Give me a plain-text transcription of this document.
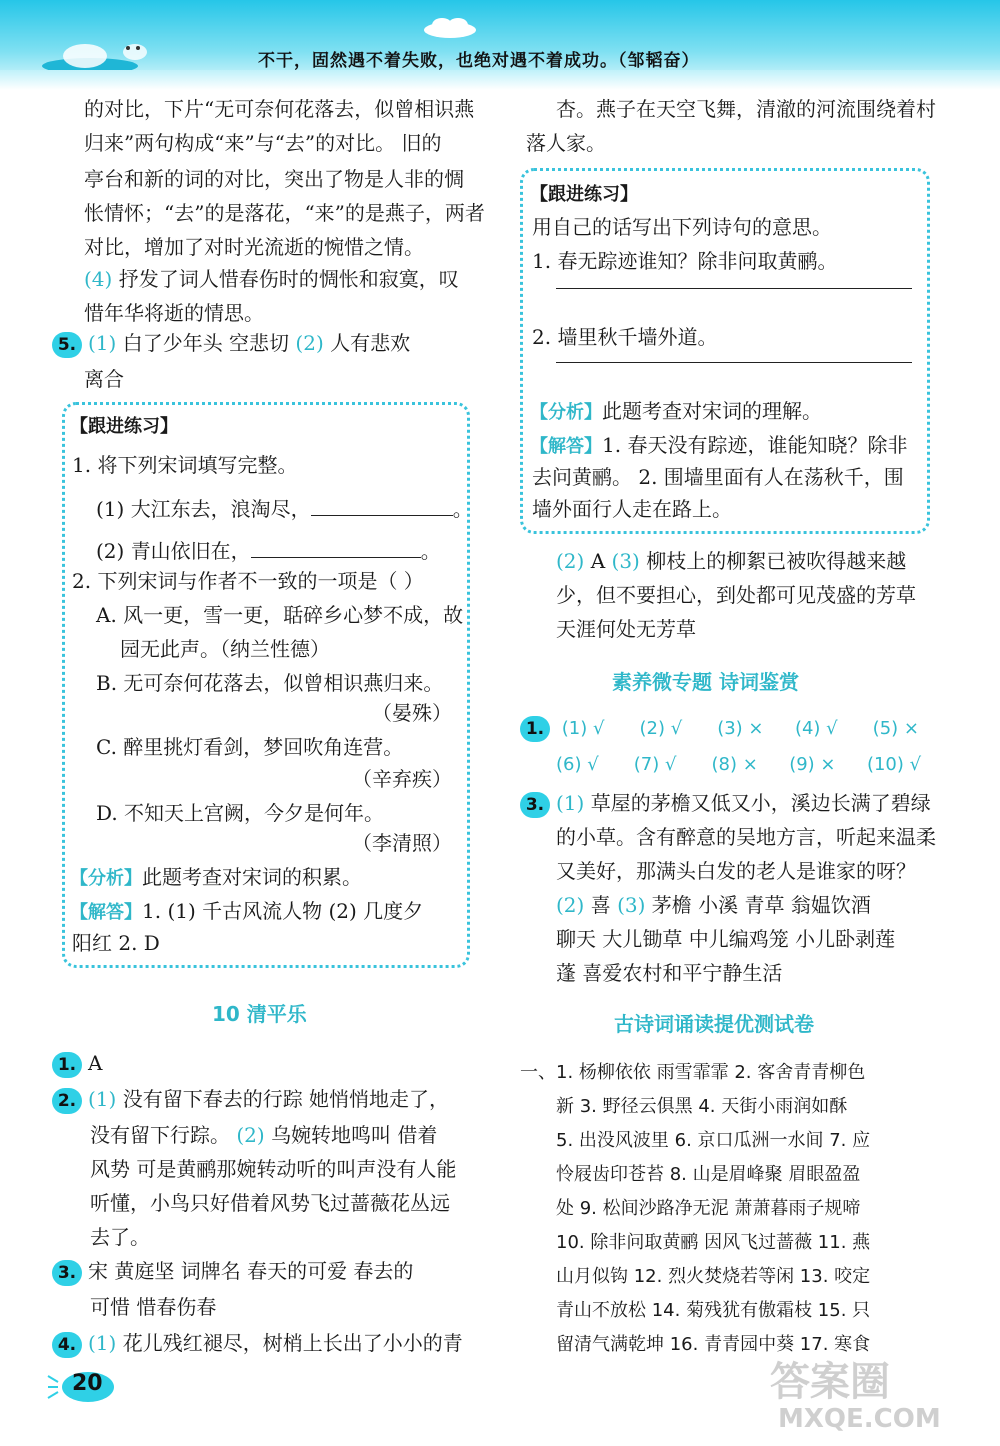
不干，固然遇不着失败，也绝对遇不着成功。（邹韬奋）
的对比，下片“无可奈何花落去，似曾相识燕
归来”两句构成“来”与“去”的对比。 旧的
亭台和新的词的对比，突出了物是人非的惆
怅情怀；“去”的是落花，“来”的是燕子，两者
对比，增加了对时光流逝的惋惜之情。
(4) 抒发了词人惜春伤时的惆怅和寂寞，叹
惜年华将逝的情思。
5. (1) 白了少年头 空悲切 (2) 人有悲欢
离合
【跟进练习】
1. 将下列宋词填写完整。
(1) 大江东去，浪淘尽，	。
(2) 青山依旧在，	。
2. 下列宋词与作者不一致的一项是（ ）
A. 风一更，雪一更，聒碎乡心梦不成，故
园无此声。（纳兰性德）
B. 无可奈何花落去，似曾相识燕归来。
（晏殊）
C. 醉里挑灯看剑，梦回吹角连营。
（辛弃疾）
D. 不知天上宫阙，今夕是何年。
（李清照）
【分析】此题考查对宋词的积累。
【解答】1. (1) 千古风流人物 (2) 几度夕
阳红 2. D
10 清平乐
1. A
2. (1) 没有留下春去的行踪 她悄悄地走了，
没有留下行踪。 (2) 乌婉转地鸣叫 借着
风势 可是黄鹂那婉转动听的叫声没有人能
听懂，小鸟只好借着风势飞过蔷薇花丛远
去了。
3. 宋 黄庭坚 词牌名 春天的可爱 春去的
可惜 惜春伤春
4. (1) 花儿残红褪尽，树梢上长出了小小的青
杏。燕子在天空飞舞，清澈的河流围绕着村
落人家。
【跟进练习】
用自己的话写出下列诗句的意思。
1. 春无踪迹谁知？除非问取黄鹂。
2. 墙里秋千墙外道。
【分析】此题考查对宋词的理解。
【解答】1. 春天没有踪迹，谁能知晓？除非
去问黄鹂。 2. 围墙里面有人在荡秋千，围
墙外面行人走在路上。
(2) A (3) 柳枝上的柳絮已被吹得越来越
少，但不要担心，到处都可见茂盛的芳草
天涯何处无芳草
素养微专题 诗词鉴赏
1. (1) √ (2) √ (3) × (4) √ (5) ×
(6) √ (7) √ (8) × (9) × (10) √
3. (1) 草屋的茅檐又低又小，溪边长满了碧绿
的小草。含有醉意的吴地方言，听起来温柔
又美好，那满头白发的老人是谁家的呀？
(2) 喜 (3) 茅檐 小溪 青草 翁媪饮酒
聊天 大儿锄草 中儿编鸡笼 小儿卧剥莲
蓬 喜爱农村和平宁静生活
古诗词诵读提优测试卷
一、1. 杨柳依依 雨雪霏霏 2. 客舍青青柳色
新 3. 野径云俱黑 4. 天街小雨润如酥
5. 出没风波里 6. 京口瓜洲一水间 7. 应
怜屐齿印苍苔 8. 山是眉峰聚 眉眼盈盈
处 9. 松间沙路净无泥 萧萧暮雨子规啼
10. 除非问取黄鹂 因风飞过蔷薇 11. 燕
山月似钩 12. 烈火焚烧若等闲 13. 咬定
青山不放松 14. 菊残犹有傲霜枝 15. 只
留清气满乾坤 16. 青青园中葵 17. 寒食
20	答案圈
MXQE.COM
